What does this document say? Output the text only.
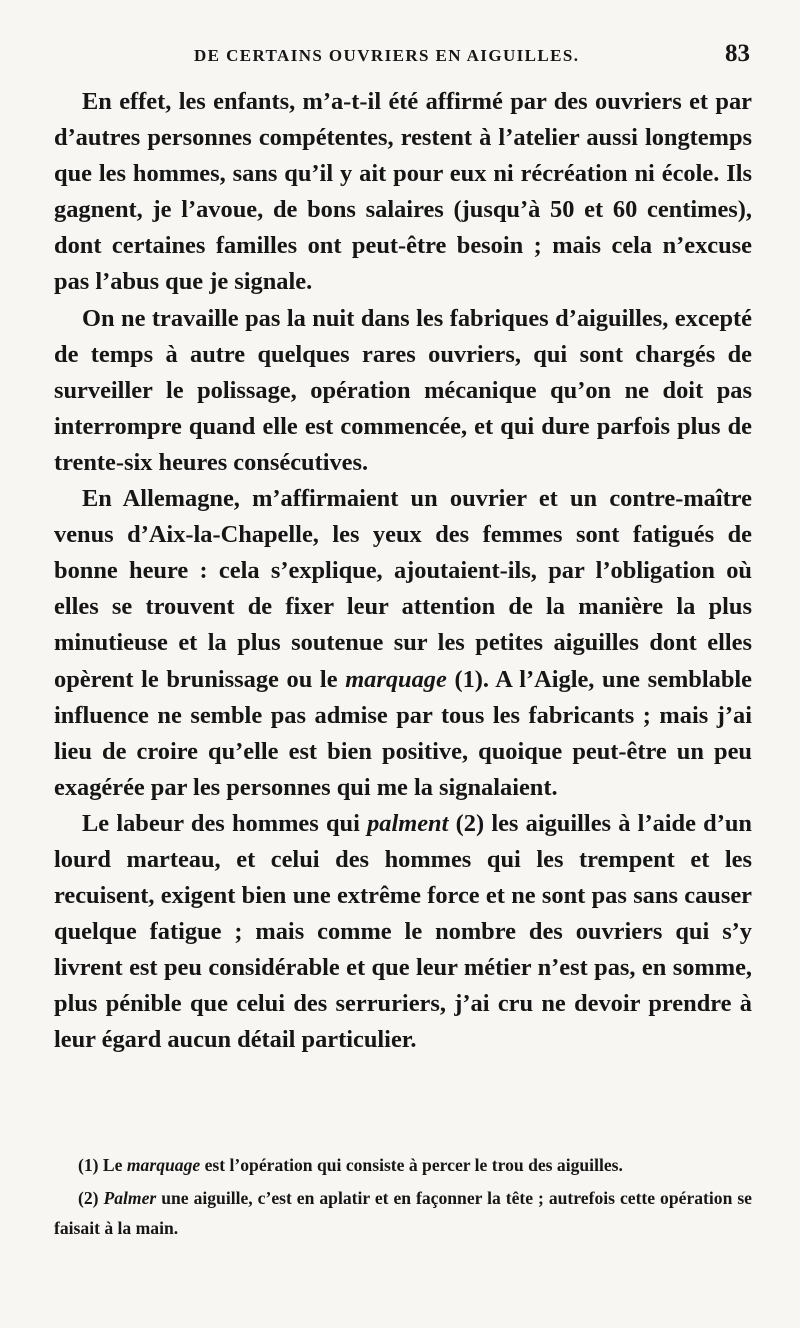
DE CERTAINS OUVRIERS EN AIGUILLES.	83

En effet, les enfants, m’a-t-il été affirmé par des ouvriers et par d’autres personnes compétentes, restent à l’atelier aussi longtemps que les hommes, sans qu’il y ait pour eux ni récréation ni école. Ils gagnent, je l’avoue, de bons salaires (jusqu’à 50 et 60 centimes), dont certaines familles ont peut-être besoin ; mais cela n’excuse pas l’abus que je signale.

On ne travaille pas la nuit dans les fabriques d’aiguilles, excepté de temps à autre quelques rares ouvriers, qui sont chargés de surveiller le polissage, opération mécanique qu’on ne doit pas interrompre quand elle est commencée, et qui dure parfois plus de trente-six heures consécutives.

En Allemagne, m’affirmaient un ouvrier et un contre-maître venus d’Aix-la-Chapelle, les yeux des femmes sont fatigués de bonne heure : cela s’explique, ajoutaient-ils, par l’obligation où elles se trouvent de fixer leur attention de la manière la plus minutieuse et la plus soutenue sur les petites aiguilles dont elles opèrent le brunissage ou le marquage (1). A l’Aigle, une semblable influence ne semble pas admise par tous les fabricants ; mais j’ai lieu de croire qu’elle est bien positive, quoique peut-être un peu exagérée par les personnes qui me la signalaient.

Le labeur des hommes qui palment (2) les aiguilles à l’aide d’un lourd marteau, et celui des hommes qui les trempent et les recuisent, exigent bien une extrême force et ne sont pas sans causer quelque fatigue ; mais comme le nombre des ouvriers qui s’y livrent est peu considérable et que leur métier n’est pas, en somme, plus pénible que celui des serruriers, j’ai cru ne devoir prendre à leur égard aucun détail particulier.

(1) Le marquage est l’opération qui consiste à percer le trou des aiguilles.

(2) Palmer une aiguille, c’est en aplatir et en façonner la tête ; autrefois cette opération se faisait à la main.
